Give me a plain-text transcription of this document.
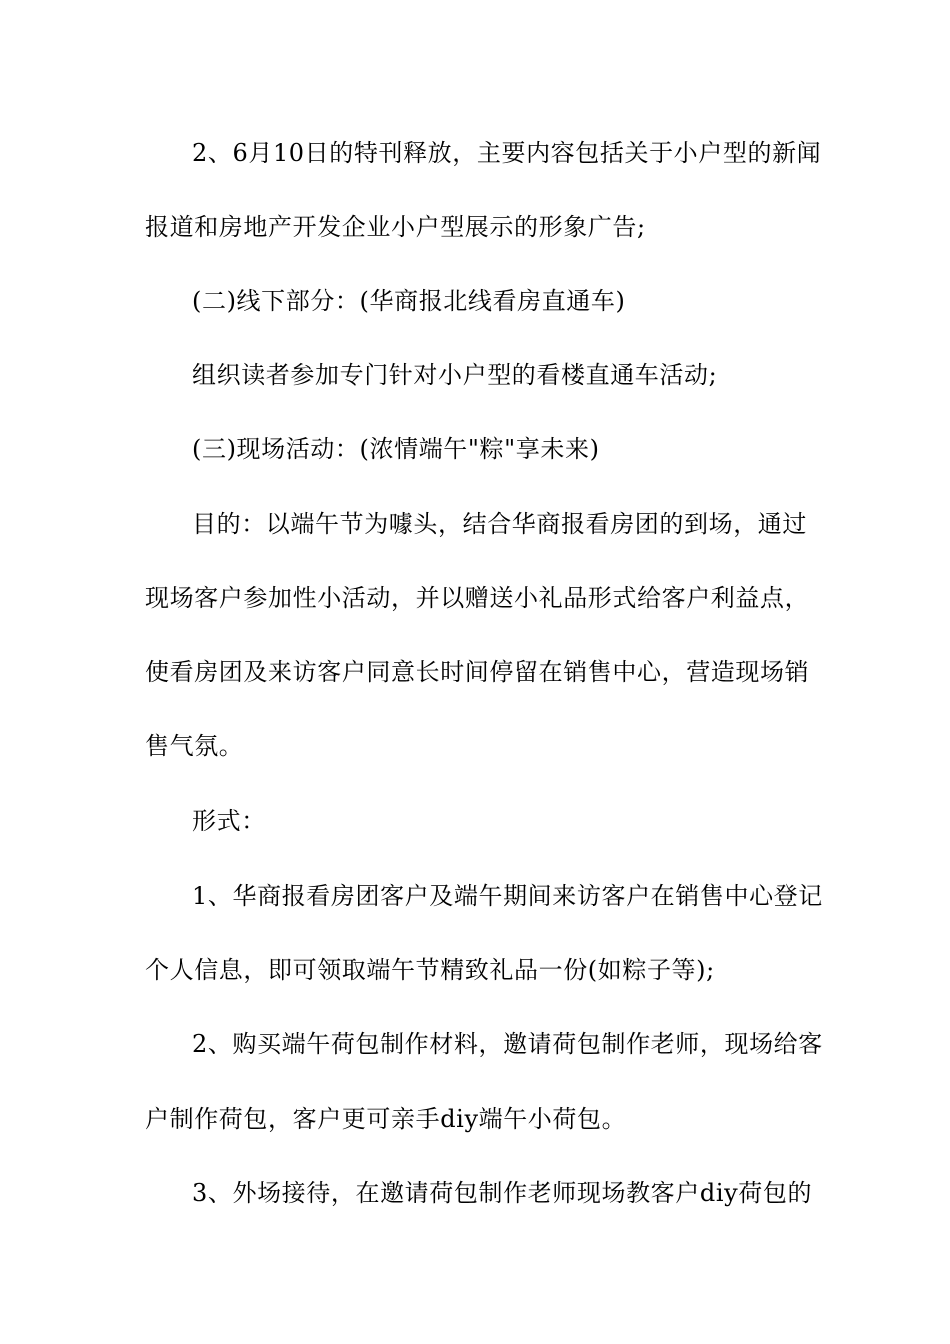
2、6月10日的特刊释放，主要内容包括关于小户型的新闻
报道和房地产开发企业小户型展示的形象广告;
(二)线下部分：(华商报北线看房直通车)
组织读者参加专门针对小户型的看楼直通车活动;
(三)现场活动：(浓情端午"粽"享未来)
目的：以端午节为噱头，结合华商报看房团的到场，通过
现场客户参加性小活动，并以赠送小礼品形式给客户利益点，
使看房团及来访客户同意长时间停留在销售中心，营造现场销
售气氛。
形式：
1、华商报看房团客户及端午期间来访客户在销售中心登记
个人信息，即可领取端午节精致礼品一份(如粽子等);
2、购买端午荷包制作材料，邀请荷包制作老师，现场给客
户制作荷包，客户更可亲手diy端午小荷包。
3、外场接待，在邀请荷包制作老师现场教客户diy荷包的
